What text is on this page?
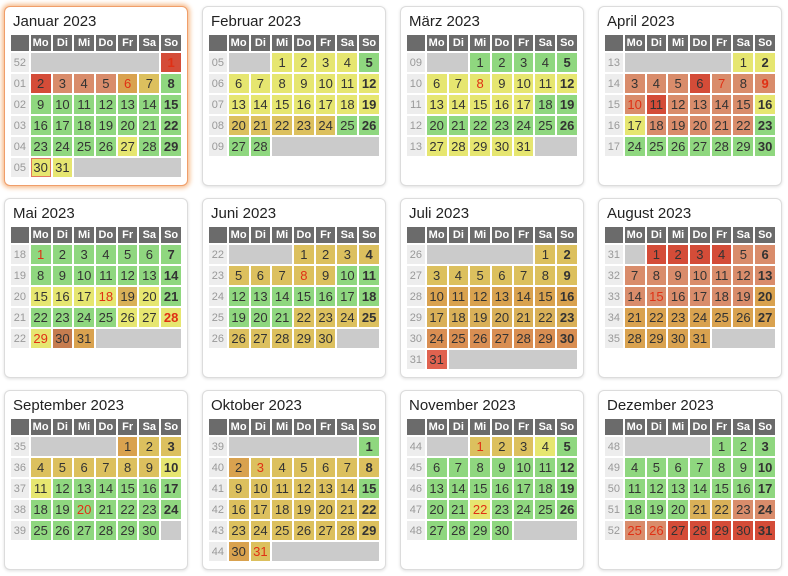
Januar 2023
	Mo	Di	Mi	Do	Fr	Sa	So
52							1
01	2	3	4	5	6	7	8
02	9	10	11	12	13	14	15
03	16	17	18	19	20	21	22
04	23	24	25	26	27	28	29
05	30	31					
Februar 2023
	Mo	Di	Mi	Do	Fr	Sa	So
05			1	2	3	4	5
06	6	7	8	9	10	11	12
07	13	14	15	16	17	18	19
08	20	21	22	23	24	25	26
09	27	28					
März 2023
	Mo	Di	Mi	Do	Fr	Sa	So
09			1	2	3	4	5
10	6	7	8	9	10	11	12
11	13	14	15	16	17	18	19
12	20	21	22	23	24	25	26
13	27	28	29	30	31		
April 2023
	Mo	Di	Mi	Do	Fr	Sa	So
13						1	2
14	3	4	5	6	7	8	9
15	10	11	12	13	14	15	16
16	17	18	19	20	21	22	23
17	24	25	26	27	28	29	30
Mai 2023
	Mo	Di	Mi	Do	Fr	Sa	So
18	1	2	3	4	5	6	7
19	8	9	10	11	12	13	14
20	15	16	17	18	19	20	21
21	22	23	24	25	26	27	28
22	29	30	31				
Juni 2023
	Mo	Di	Mi	Do	Fr	Sa	So
22				1	2	3	4
23	5	6	7	8	9	10	11
24	12	13	14	15	16	17	18
25	19	20	21	22	23	24	25
26	26	27	28	29	30		
Juli 2023
	Mo	Di	Mi	Do	Fr	Sa	So
26						1	2
27	3	4	5	6	7	8	9
28	10	11	12	13	14	15	16
29	17	18	19	20	21	22	23
30	24	25	26	27	28	29	30
31	31						
August 2023
	Mo	Di	Mi	Do	Fr	Sa	So
31		1	2	3	4	5	6
32	7	8	9	10	11	12	13
33	14	15	16	17	18	19	20
34	21	22	23	24	25	26	27
35	28	29	30	31			
September 2023
	Mo	Di	Mi	Do	Fr	Sa	So
35					1	2	3
36	4	5	6	7	8	9	10
37	11	12	13	14	15	16	17
38	18	19	20	21	22	23	24
39	25	26	27	28	29	30	
Oktober 2023
	Mo	Di	Mi	Do	Fr	Sa	So
39							1
40	2	3	4	5	6	7	8
41	9	10	11	12	13	14	15
42	16	17	18	19	20	21	22
43	23	24	25	26	27	28	29
44	30	31					
November 2023
	Mo	Di	Mi	Do	Fr	Sa	So
44			1	2	3	4	5
45	6	7	8	9	10	11	12
46	13	14	15	16	17	18	19
47	20	21	22	23	24	25	26
48	27	28	29	30			
Dezember 2023
	Mo	Di	Mi	Do	Fr	Sa	So
48					1	2	3
49	4	5	6	7	8	9	10
50	11	12	13	14	15	16	17
51	18	19	20	21	22	23	24
52	25	26	27	28	29	30	31
